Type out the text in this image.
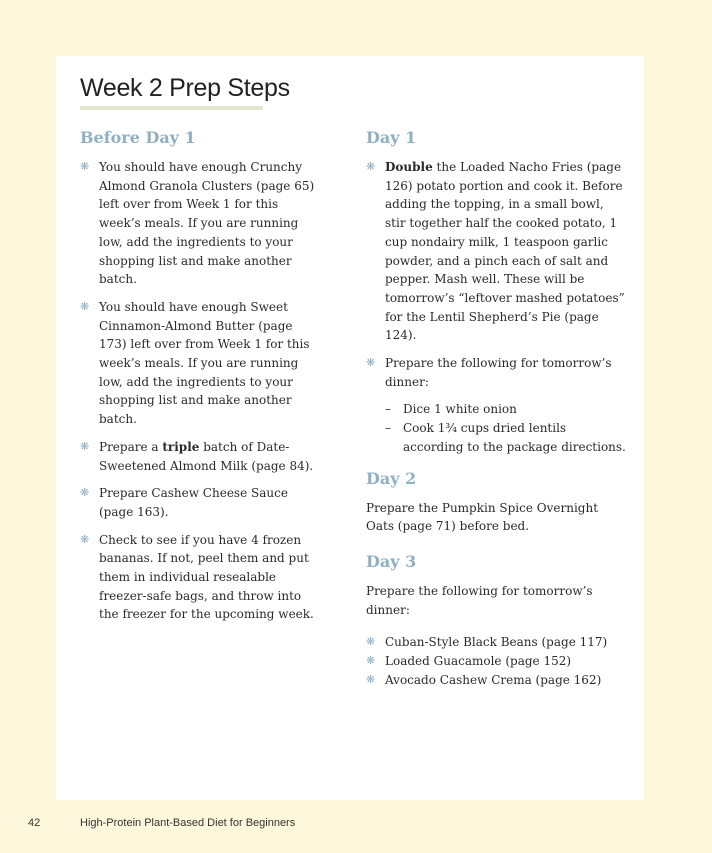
Week 2 Prep Steps
Before Day 1
❋ You should have enough Crunchy Almond Granola Clusters (page 65) left over from Week 1 for this week’s meals. If you are running low, add the ingredients to your shopping list and make another batch.
❋ You should have enough Sweet Cinnamon-Almond Butter (page 173) left over from Week 1 for this week’s meals. If you are running low, add the ingredients to your shopping list and make another batch.
❋ Prepare a triple batch of Date-Sweetened Almond Milk (page 84).
❋ Prepare Cashew Cheese Sauce (page 163).
❋ Check to see if you have 4 frozen bananas. If not, peel them and put them in individual resealable freezer-safe bags, and throw into the freezer for the upcoming week.
Day 1
❋ Double the Loaded Nacho Fries (page 126) potato portion and cook it. Before adding the topping, in a small bowl, stir together half the cooked potato, 1 cup nondairy milk, 1 teaspoon garlic powder, and a pinch each of salt and pepper. Mash well. These will be tomorrow’s “leftover mashed potatoes” for the Lentil Shepherd’s Pie (page 124).
❋ Prepare the following for tomorrow’s dinner:
– Dice 1 white onion
– Cook 1¾ cups dried lentils according to the package directions.
Day 2

Prepare the Pumpkin Spice Overnight Oats (page 71) before bed.

Day 3

Prepare the following for tomorrow’s dinner:

❋ Cuban-Style Black Beans (page 117)
❋ Loaded Guacamole (page 152)
❋ Avocado Cashew Crema (page 162)
42	High-Protein Plant-Based Diet for Beginners
